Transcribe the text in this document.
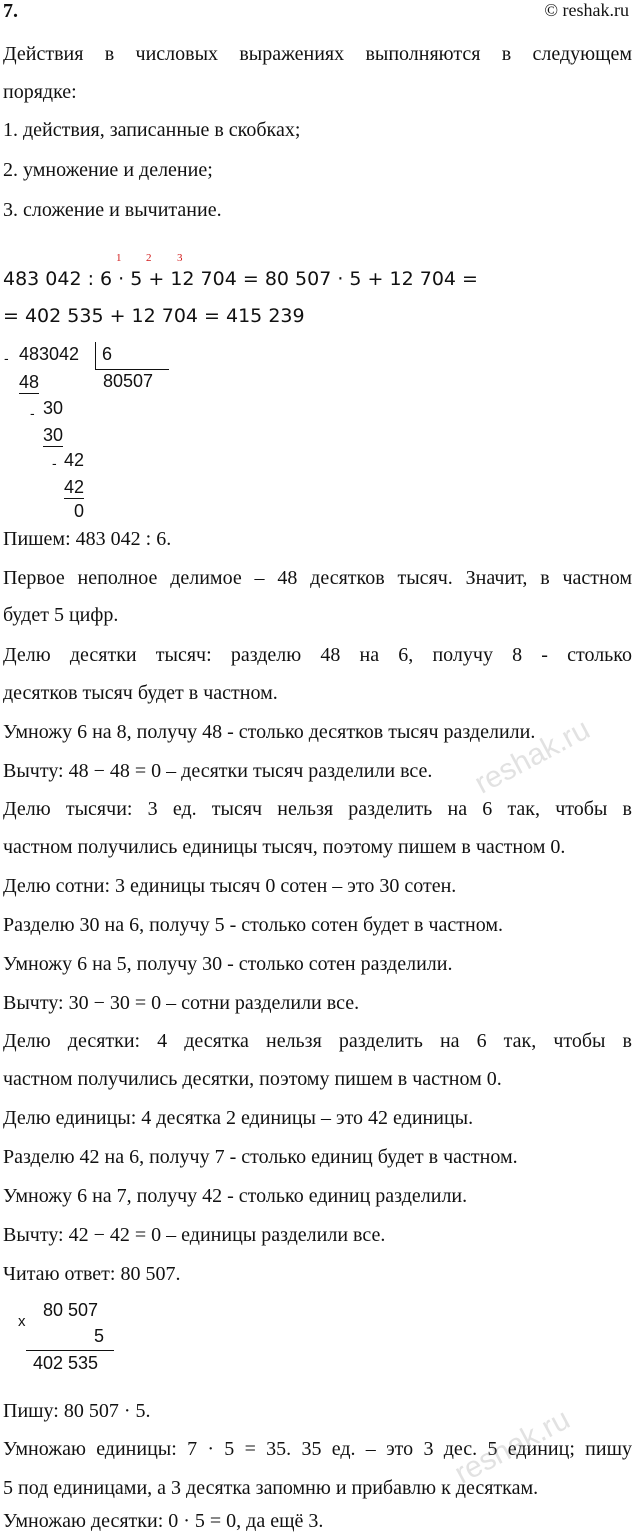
7.	© reshak.ru
Действия в числовых выражениях выполняются в следующем
порядке:
1. действия, записанные в скобках;
2. умножение и деление;
3. сложение и вычитание.
1 2 3
483 042 : 6 · 5 + 12 704 = 80 507 · 5 + 12 704 =
= 402 535 + 12 704 = 415 239
- 483042 6
80507
48
- 30
30
- 42
42
0
Пишем: 483 042 : 6.
Первое неполное делимое – 48 десятков тысяч. Значит, в частном
будет 5 цифр.
Делю десятки тысяч: разделю 48 на 6, получу 8 - столько
десятков тысяч будет в частном.
Умножу 6 на 8, получу 48 - столько десятков тысяч разделили.
Вычту: 48 − 48 = 0 – десятки тысяч разделили все.
Делю тысячи: 3 ед. тысяч нельзя разделить на 6 так, чтобы в
частном получились единицы тысяч, поэтому пишем в частном 0.
Делю сотни: 3 единицы тысяч 0 сотен – это 30 сотен.
Разделю 30 на 6, получу 5 - столько сотен будет в частном.
Умножу 6 на 5, получу 30 - столько сотен разделили.
Вычту: 30 − 30 = 0 – сотни разделили все.
Делю десятки: 4 десятка нельзя разделить на 6 так, чтобы в
частном получились десятки, поэтому пишем в частном 0.
Делю единицы: 4 десятка 2 единицы – это 42 единицы.
Разделю 42 на 6, получу 7 - столько единиц будет в частном.
Умножу 6 на 7, получу 42 - столько единиц разделили.
Вычту: 42 − 42 = 0 – единицы разделили все.
Читаю ответ: 80 507.
x
80 507
5
402 535
Пишу: 80 507 · 5.
Умножаю единицы: 7 · 5 = 35. 35 ед. – это 3 дес. 5 единиц; пишу
5 под единицами, а 3 десятка запомню и прибавлю к десяткам.
Умножаю десятки: 0 · 5 = 0, да ещё 3.
reshak.ru
reshak.ru
